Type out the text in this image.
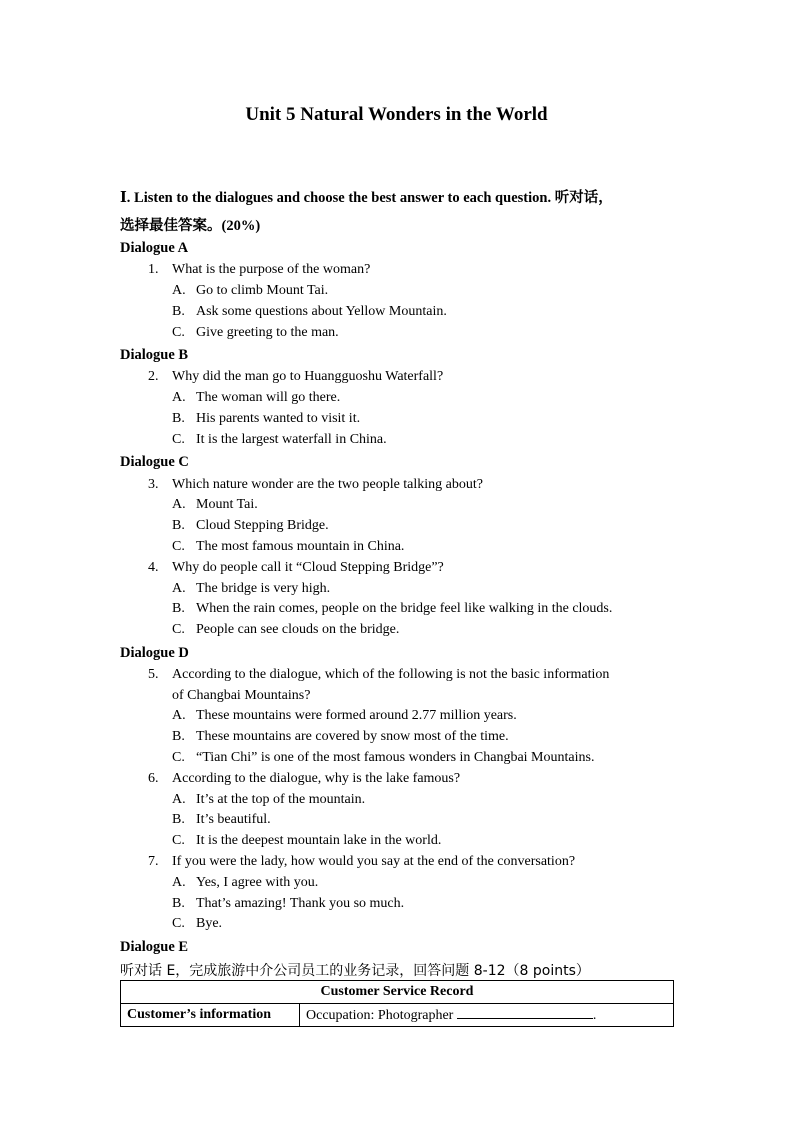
Unit 5 Natural Wonders in the World
Ⅰ. Listen to the dialogues and choose the best answer to each question. 听对话，
选择最佳答案。(20%)
Dialogue A
1. What is the purpose of the woman?
A. Go to climb Mount Tai.
B. Ask some questions about Yellow Mountain.
C. Give greeting to the man.
Dialogue B
2. Why did the man go to Huangguoshu Waterfall?
A. The woman will go there.
B. His parents wanted to visit it.
C. It is the largest waterfall in China.
Dialogue C
3. Which nature wonder are the two people talking about?
A. Mount Tai.
B. Cloud Stepping Bridge.
C. The most famous mountain in China.
4. Why do people call it “Cloud Stepping Bridge”?
A. The bridge is very high.
B. When the rain comes, people on the bridge feel like walking in the clouds.
C. People can see clouds on the bridge.
Dialogue D
5. According to the dialogue, which of the following is not the basic information
of Changbai Mountains?
A. These mountains were formed around 2.77 million years.
B. These mountains are covered by snow most of the time.
C. “Tian Chi” is one of the most famous wonders in Changbai Mountains.
6. According to the dialogue, why is the lake famous?
A. It’s at the top of the mountain.
B. It’s beautiful.
C. It is the deepest mountain lake in the world.
7. If you were the lady, how would you say at the end of the conversation?
A. Yes, I agree with you.
B. That’s amazing! Thank you so much.
C. Bye.
Dialogue E
听对话 E，完成旅游中介公司员工的业务记录，回答问题 8-12（8 points）
Customer Service Record
Customer’s information	Occupation: Photographer	.
